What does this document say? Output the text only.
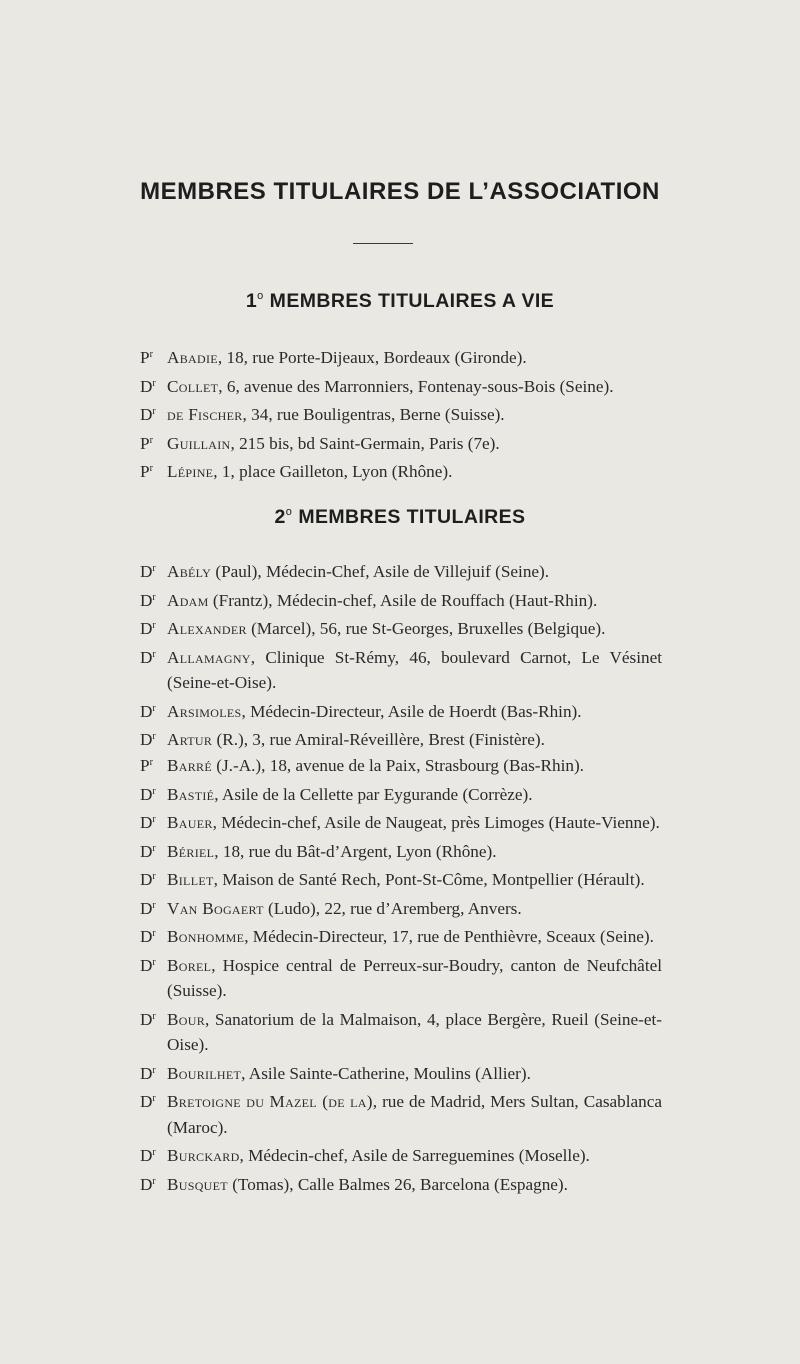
MEMBRES TITULAIRES DE L’ASSOCIATION
1$^o$ MEMBRES TITULAIRES A VIE
$P^r$ Abadie, 18, rue Porte-Dijeaux, Bordeaux (Gironde).
$D^r$ Collet, 6, avenue des Marronniers, Fontenay-sous-Bois (Seine).
$D^r$ de Fischer, 34, rue Bouligentras, Berne (Suisse).
$P^r$ Guillain, 215 bis, bd Saint-Germain, Paris (7e).
$P^r$ Lépine, 1, place Gailleton, Lyon (Rhône).
2$^o$ MEMBRES TITULAIRES
$D^r$ Abély (Paul), Médecin-Chef, Asile de Villejuif (Seine).
$D^r$ Adam (Frantz), Médecin-chef, Asile de Rouffach (Haut-Rhin).
$D^r$ Alexander (Marcel), 56, rue St-Georges, Bruxelles (Belgique).
$D^r$ Allamagny, Clinique St-Rémy, 46, boulevard Carnot, Le Vésinet (Seine-et-Oise).
$D^r$ Arsimoles, Médecin-Directeur, Asile de Hoerdt (Bas-Rhin).
$D^r$ Artur (R.), 3, rue Amiral-Réveillère, Brest (Finistère).
$P^r$ Barré (J.-A.), 18, avenue de la Paix, Strasbourg (Bas-Rhin).
$D^r$ Bastié, Asile de la Cellette par Eygurande (Corrèze).
$D^r$ Bauer, Médecin-chef, Asile de Naugeat, près Limoges (Haute-Vienne).
$D^r$ Bériel, 18, rue du Bât-d’Argent, Lyon (Rhône).
$D^r$ Billet, Maison de Santé Rech, Pont-St-Côme, Montpellier (Hérault).
$D^r$ Van Bogaert (Ludo), 22, rue d’Aremberg, Anvers.
$D^r$ Bonhomme, Médecin-Directeur, 17, rue de Penthièvre, Sceaux (Seine).
$D^r$ Borel, Hospice central de Perreux-sur-Boudry, canton de Neufchâtel (Suisse).
$D^r$ Bour, Sanatorium de la Malmaison, 4, place Bergère, Rueil (Seine-et-Oise).
$D^r$ Bourilhet, Asile Sainte-Catherine, Moulins (Allier).
$D^r$ Bretoigne du Mazel (de la), rue de Madrid, Mers Sultan, Casablanca (Maroc).
$D^r$ Burckard, Médecin-chef, Asile de Sarreguemines (Moselle).
$D^r$ Busquet (Tomas), Calle Balmes 26, Barcelona (Espagne).
